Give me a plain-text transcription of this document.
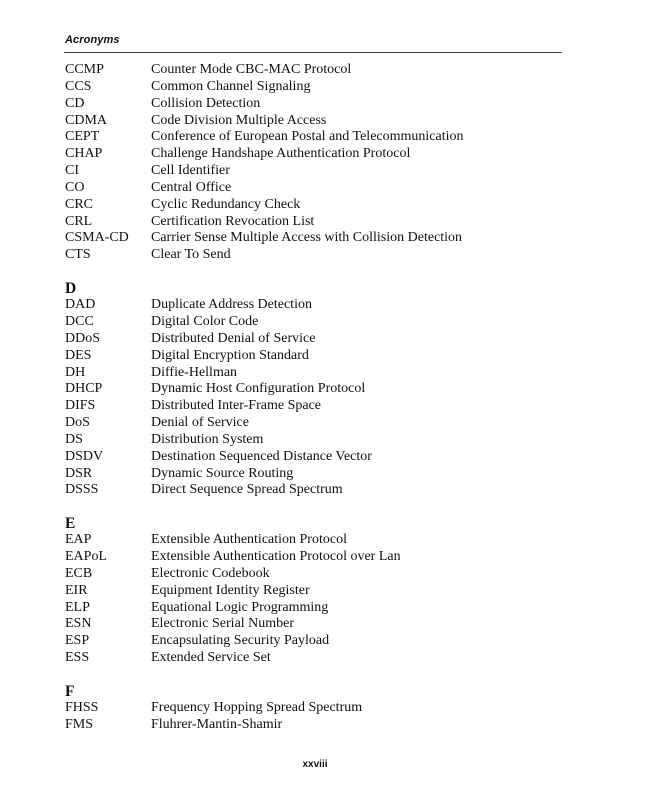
Acronyms
CCMP	Counter Mode CBC-MAC Protocol
CCS	Common Channel Signaling
CD	Collision Detection
CDMA	Code Division Multiple Access
CEPT	Conference of European Postal and Telecommunication
CHAP	Challenge Handshape Authentication Protocol
CI	Cell Identifier
CO	Central Office
CRC	Cyclic Redundancy Check
CRL	Certification Revocation List
CSMA-CD	Carrier Sense Multiple Access with Collision Detection
CTS	Clear To Send
D
DAD	Duplicate Address Detection
DCC	Digital Color Code
DDoS	Distributed Denial of Service
DES	Digital Encryption Standard
DH	Diffie-Hellman
DHCP	Dynamic Host Configuration Protocol
DIFS	Distributed Inter-Frame Space
DoS	Denial of Service
DS	Distribution System
DSDV	Destination Sequenced Distance Vector
DSR	Dynamic Source Routing
DSSS	Direct Sequence Spread Spectrum
E
EAP	Extensible Authentication Protocol
EAPoL	Extensible Authentication Protocol over Lan
ECB	Electronic Codebook
EIR	Equipment Identity Register
ELP	Equational Logic Programming
ESN	Electronic Serial Number
ESP	Encapsulating Security Payload
ESS	Extended Service Set
F
FHSS	Frequency Hopping Spread Spectrum
FMS	Fluhrer-Mantin-Shamir
xxviii
